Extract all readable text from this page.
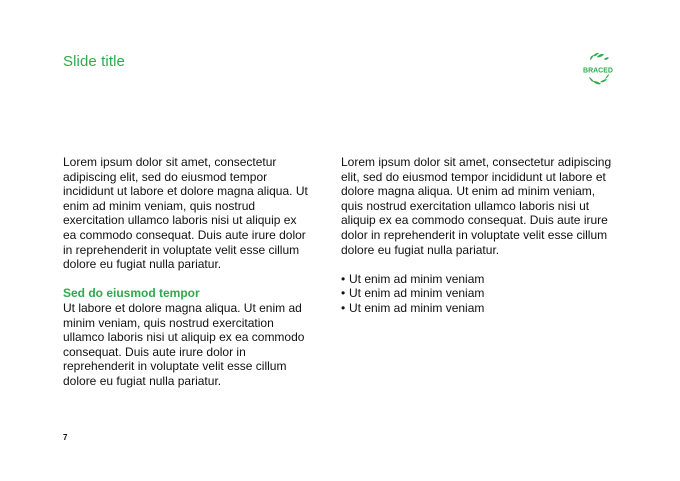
Slide title
BRACED

Lorem ipsum dolor sit amet, consectetur adipiscing elit, sed do eiusmod tempor incididunt ut labore et dolore magna aliqua. Ut enim ad minim veniam, quis nostrud exercitation ullamco laboris nisi ut aliquip ex ea commodo consequat. Duis aute irure dolor in reprehenderit in voluptate velit esse cillum dolore eu fugiat nulla pariatur.

Sed do eiusmod tempor

Ut labore et dolore magna aliqua. Ut enim ad minim veniam, quis nostrud exercitation ullamco laboris nisi ut aliquip ex ea commodo consequat. Duis aute irure dolor in reprehenderit in voluptate velit esse cillum dolore eu fugiat nulla pariatur.

Lorem ipsum dolor sit amet, consectetur adipiscing elit, sed do eiusmod tempor incididunt ut labore et dolore magna aliqua. Ut enim ad minim veniam, quis nostrud exercitation ullamco laboris nisi ut aliquip ex ea commodo consequat. Duis aute irure dolor in reprehenderit in voluptate velit esse cillum dolore eu fugiat nulla pariatur.

• Ut enim ad minim veniam
• Ut enim ad minim veniam
• Ut enim ad minim veniam
7
